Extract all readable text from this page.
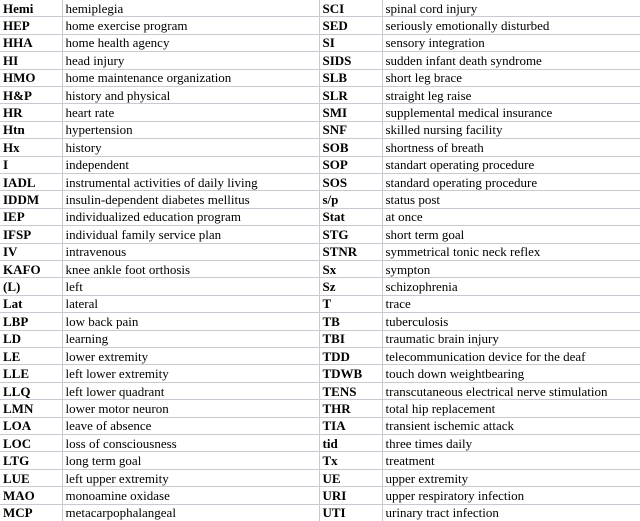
Hemi	hemiplegia	SCI	spinal cord injury
HEP	home exercise program	SED	seriously emotionally disturbed
HHA	home health agency	SI	sensory integration
HI	head injury	SIDS	sudden infant death syndrome
HMO	home maintenance organization	SLB	short leg brace
H&P	history and physical	SLR	straight leg raise
HR	heart rate	SMI	supplemental medical insurance
Htn	hypertension	SNF	skilled nursing facility
Hx	history	SOB	shortness of breath
I	independent	SOP	standart operating procedure
IADL	instrumental activities of daily living	SOS	standard operating procedure
IDDM	insulin-dependent diabetes mellitus	s/p	status post
IEP	individualized education program	Stat	at once
IFSP	individual family service plan	STG	short term goal
IV	intravenous	STNR	symmetrical tonic neck reflex
KAFO	knee ankle foot orthosis	Sx	sympton
(L)	left	Sz	schizophrenia
Lat	lateral	T	trace
LBP	low back pain	TB	tuberculosis
LD	learning	TBI	traumatic brain injury
LE	lower extremity	TDD	telecommunication device for the deaf
LLE	left lower extremity	TDWB	touch down weightbearing
LLQ	left lower quadrant	TENS	transcutaneous electrical nerve stimulation
LMN	lower motor neuron	THR	total hip replacement
LOA	leave of absence	TIA	transient ischemic attack
LOC	loss of consciousness	tid	three times daily
LTG	long term goal	Tx	treatment
LUE	left upper extremity	UE	upper extremity
MAO	monoamine oxidase	URI	upper respiratory infection
MCP	metacarpophalangeal	UTI	urinary tract infection
